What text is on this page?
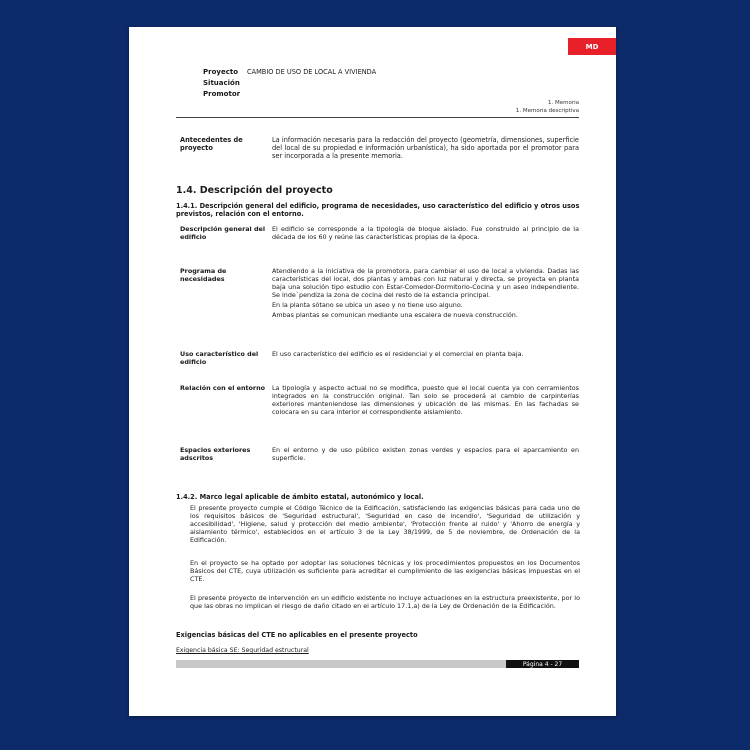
MD
Proyecto	CAMBIO DE USO DE LOCAL A VIVIENDA
Situación
Promotor
1. Memoria
1. Memoria descriptiva
Antecedentes de proyecto
La información necesaria para la redacción del proyecto (geometría, dimensiones, superficie del local de su propiedad e información urbanística), ha sido aportada por el promotor para ser incorporada a la presente memoria.
1.4. Descripción del proyecto
1.4.1. Descripción general del edificio, programa de necesidades, uso característico del edificio y otros usos previstos, relación con el entorno.
Descripción general del edificio
El edificio se corresponde a la tipología de bloque aislado. Fue construido al principio de la década de los 60 y reúne las características propias de la época.
Programa de necesidades

Atendiendo a la iniciativa de la promotora, para cambiar el uso de local a vivienda. Dadas las características del local, dos plantas y ambas con luz natural y directa, se proyecta en planta baja una solución tipo estudio con Estar-Comedor-Dormitorio-Cocina y un aseo independiente. Se inde`pendiza la zona de cocina del resto de la estancia principal.

En la planta sótano se ubica un aseo y no tiene uso alguno.

Ambas plantas se comunican mediante una escalera de nueva construcción.

Uso característico del edificio
El uso característico del edificio es el residencial y el comercial en planta baja.
Relación con el entorno	La tipología y aspecto actual no se modifica, puesto que el local cuenta ya con cerramientos integrados en la construcción original. Tan solo se procederá al cambio de carpinterías exteriores manteniendose las dimensiones y ubicación de las mismas. En las fachadas se colocara en su cara interior el correspondiente aislamiento.
Espacios exteriores adscritos
En el entorno y de uso público existen zonas verdes y espacios para el aparcamiento en superficie.
1.4.2. Marco legal aplicable de ámbito estatal, autonómico y local.
El presente proyecto cumple el Código Técnico de la Edificación, satisfaciendo las exigencias básicas para cada uno de los requisitos básicos de 'Seguridad estructural', 'Seguridad en caso de incendio', 'Seguridad de utilización y accesibilidad', 'Higiene, salud y protección del medio ambiente', 'Protección frente al ruido' y 'Ahorro de energía y aislamiento térmico', establecidos en el artículo 3 de la Ley 38/1999, de 5 de noviembre, de Ordenación de la Edificación.
En el proyecto se ha optado por adoptar las soluciones técnicas y los procedimientos propuestos en los Documentos Básicos del CTE, cuya utilización es suficiente para acreditar el cumplimiento de las exigencias básicas impuestas en el CTE.
El presente proyecto de intervención en un edificio existente no incluye actuaciones en la estructura preexistente, por lo que las obras no implican el riesgo de daño citado en el artículo 17.1,a) de la Ley de Ordenación de la Edificación.
Exigencias básicas del CTE no aplicables en el presente proyecto
Exigencia básica SE: Seguridad estructural
Página 4 - 27
